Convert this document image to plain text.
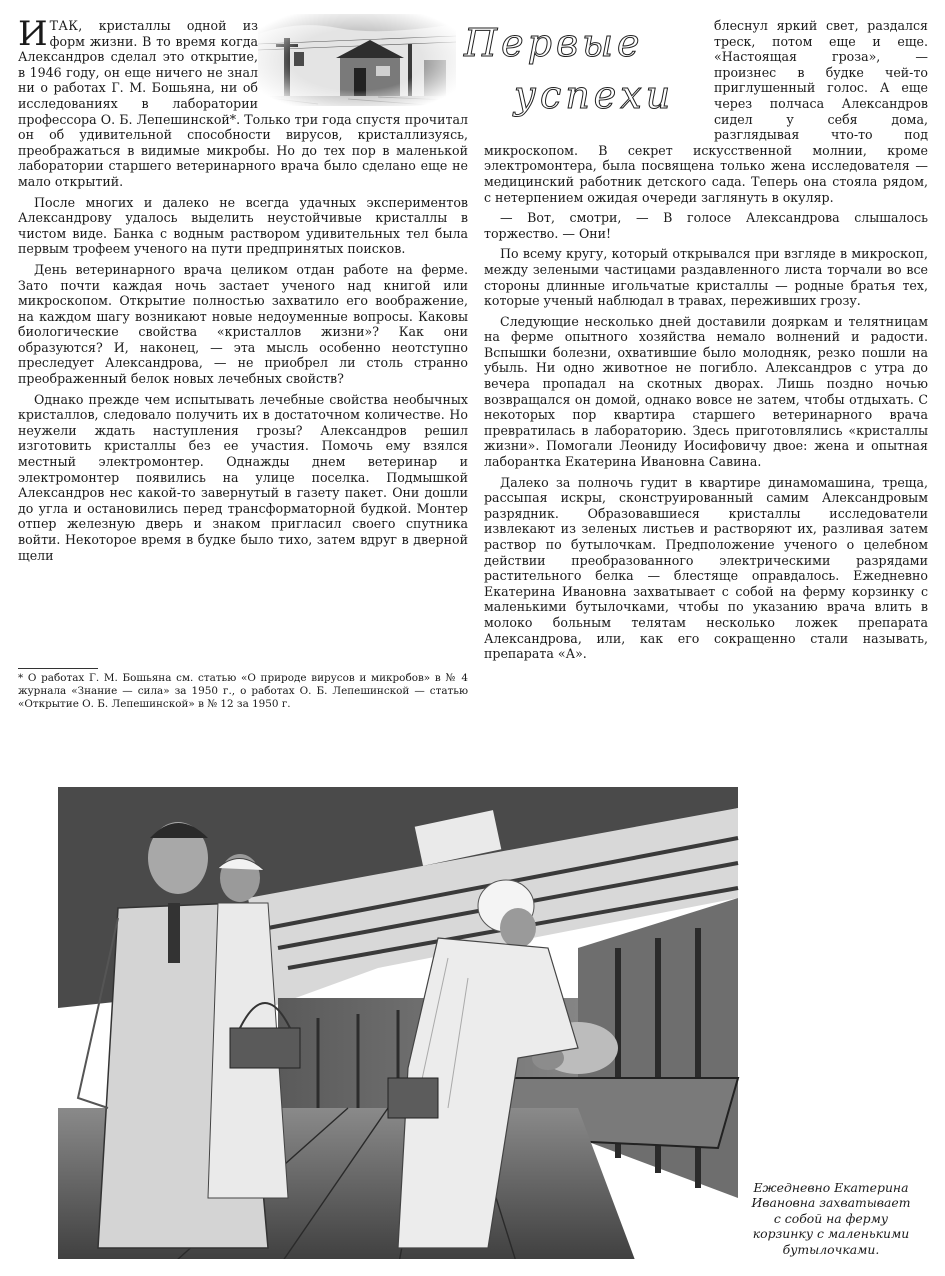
Первые
успехи

ИТАК, кристаллы одной из форм жизни. В то время когда Александров сделал это открытие, в 1946 году, он еще ничего не знал ни о работах Г. М. Бошьяна, ни об исследованиях в лаборатории профессора О. Б. Лепешинской*. Только три года спустя прочитал он об удивительной способности вирусов, кристаллизуясь, преображаться в видимые микробы. Но до тех пор в маленькой лаборатории старшего ветеринарного врача было сделано еще не мало открытий.

После многих и далеко не всегда удачных экспериментов Александрову удалось выделить неустойчивые кристаллы в чистом виде. Банка с водным раствором удивительных тел была первым трофеем ученого на пути предпринятых поисков.

День ветеринарного врача целиком отдан работе на ферме. Зато почти каждая ночь застает ученого над книгой или микроскопом. Открытие полностью захватило его воображение, на каждом шагу возникают новые недоуменные вопросы. Каковы биологические свойства «кристаллов жизни»? Как они образуются? И, наконец, — эта мысль особенно неотступно преследует Александрова, — не приобрел ли столь странно преображенный белок новых лечебных свойств?

Однако прежде чем испытывать лечебные свойства необычных кристаллов, следовало получить их в достаточном количестве. Но неужели ждать наступления грозы? Александров решил изготовить кристаллы без ее участия. Помочь ему взялся местный электромонтер. Однажды днем ветеринар и электромонтер появились на улице поселка. Подмышкой Александров нес какой-то завернутый в газету пакет. Они дошли до угла и остановились перед трансформаторной будкой. Монтер отпер железную дверь и знаком пригласил своего спутника войти. Некоторое время в будке было тихо, затем вдруг в дверной щели

блеснул яркий свет, раздался треск, потом еще и еще. «Настоящая гроза», — произнес в будке чей-то приглушенный голос. А еще через полчаса Александров сидел у себя дома, разглядывая что-то под микроскопом. В секрет искусственной молнии, кроме электромонтера, была посвящена только жена исследователя — медицинский работник детского сада. Теперь она стояла рядом, с нетерпением ожидая очереди заглянуть в окуляр.

— Вот, смотри, — В голосе Александрова слышалось торжество. — Они!

По всему кругу, который открывался при взгляде в микроскоп, между зелеными частицами раздавленного листа торчали во все стороны длинные игольчатые кристаллы — родные братья тех, которые ученый наблюдал в травах, переживших грозу.

Следующие несколько дней доставили дояркам и телятницам на ферме опытного хозяйства немало волнений и радости. Вспышки болезни, охватившие было молодняк, резко пошли на убыль. Ни одно животное не погибло. Александров с утра до вечера пропадал на скотных дворах. Лишь поздно ночью возвращался он домой, однако вовсе не затем, чтобы отдыхать. С некоторых пор квартира старшего ветеринарного врача превратилась в лабораторию. Здесь приготовлялись «кристаллы жизни». Помогали Леониду Иосифовичу двое: жена и опытная лаборантка Екатерина Ивановна Савина.

Далеко за полночь гудит в квартире динамомашина, треща, рассыпая искры, сконструированный самим Александровым разрядник. Образовавшиеся кристаллы исследователи извлекают из зеленых листьев и растворяют их, разливая затем раствор по бутылочкам. Предположение ученого о целебном действии преобразованного электрическими разрядами растительного белка — блестяще оправдалось. Ежедневно Екатерина Ивановна захватывает с собой на ферму корзинку с маленькими бутылочками, чтобы по указанию врача влить в молоко больным телятам несколько ложек препарата Александрова, или, как его сокращенно стали называть, препарата «А».

* О работах Г. М. Бошьяна см. статью «О природе вирусов и микробов» в № 4 журнала «Знание — сила» за 1950 г., о работах О. Б. Лепешинской — статью «Открытие О. Б. Лепешинской» в № 12 за 1950 г.
Ежедневно Екатерина Ивановна захватывает с собой на ферму корзинку с маленькими бутылочками.
